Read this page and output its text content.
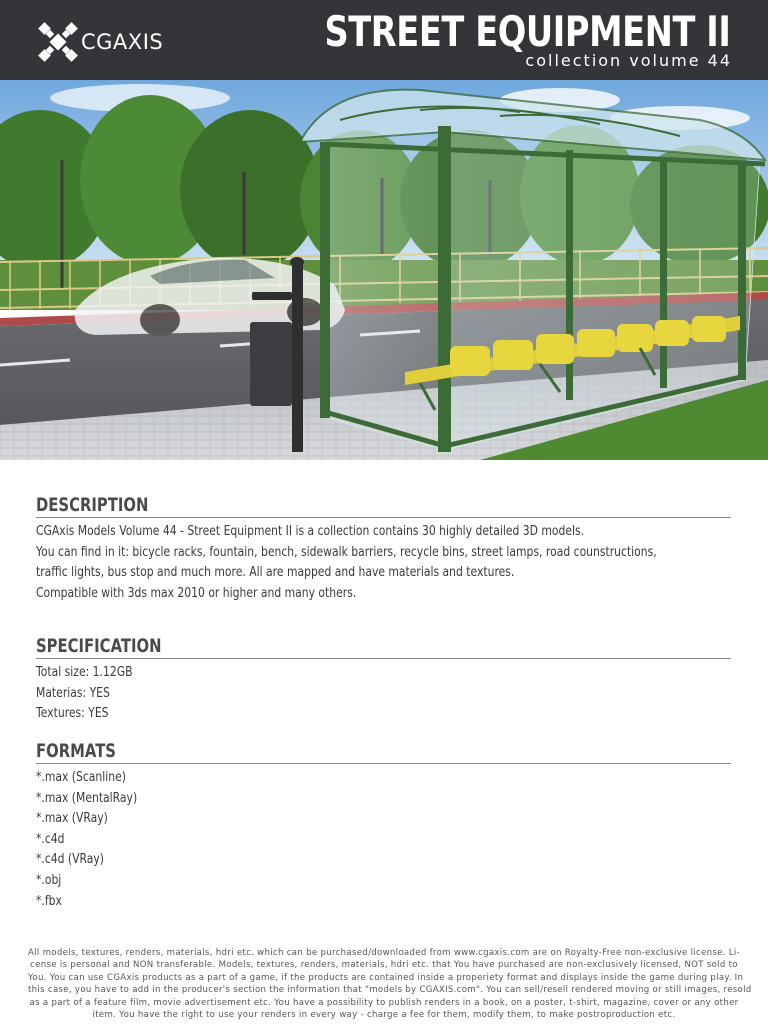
CGAXIS	STREET EQUIPMENT II
collection volume 44
DESCRIPTION
CGAxis Models Volume 44 - Street Equipment II is a collection contains 30 highly detailed 3D models.
You can find in it: bicycle racks, fountain, bench, sidewalk barriers, recycle bins, street lamps, road counstructions,
traffic lights, bus stop and much more. All are mapped and have materials and textures.
Compatible with 3ds max 2010 or higher and many others.
SPECIFICATION
Total size: 1.12GB
Materias: YES
Textures: YES
FORMATS
*.max (Scanline)
*.max (MentalRay)
*.max (VRay)
*.c4d
*.c4d (VRay)
*.obj
*.fbx
All models, textures, renders, materials, hdri etc. which can be purchased/downloaded from www.cgaxis.com are on Royalty-Free non-exclusive license. Li-
cense is personal and NON transferable. Models, textures, renders, materials, hdri etc. that You have purchased are non-exclusively licensed, NOT sold to
You. You can use CGAxis products as a part of a game, if the products are contained inside a properiety format and displays inside the game during play. In
this case, you have to add in the producer's section the information that "models by CGAXIS.com". You can sell/resell rendered moving or still images, resold
as a part of a feature film, movie advertisement etc. You have a possibility to publish renders in a book, on a poster, t-shirt, magazine, cover or any other
item. You have the right to use your renders in every way - charge a fee for them, modify them, to make postroproduction etc.
